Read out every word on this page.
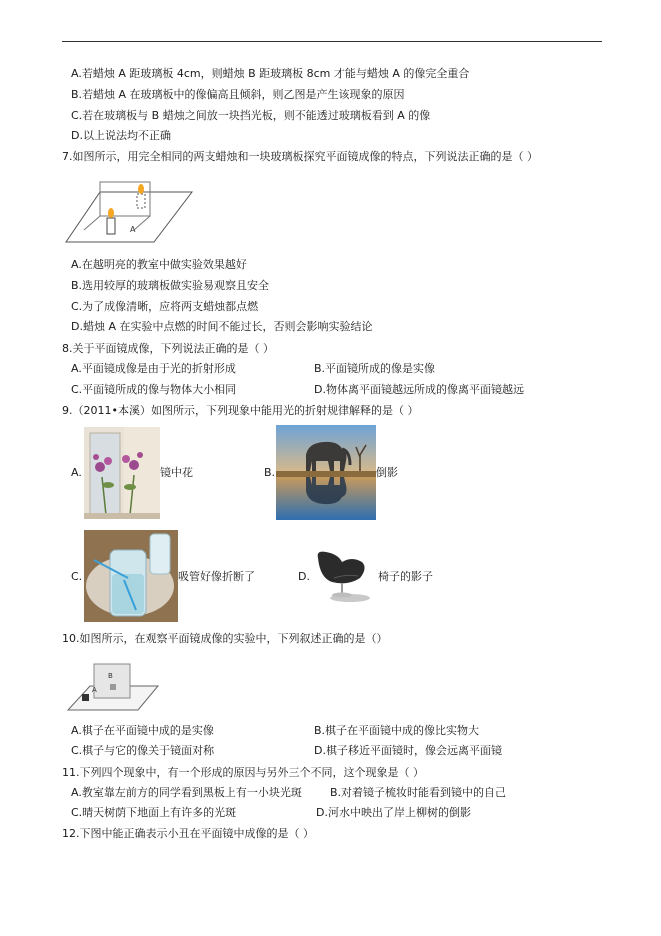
A.若蜡烛 A 距玻璃板 4cm，则蜡烛 B 距玻璃板 8cm 才能与蜡烛 A 的像完全重合
B.若蜡烛 A 在玻璃板中的像偏高且倾斜，则乙图是产生该现象的原因
C.若在玻璃板与 B 蜡烛之间放一块挡光板，则不能透过玻璃板看到 A 的像
D.以上说法均不正确
7.如图所示，用完全相同的两支蜡烛和一块玻璃板探究平面镜成像的特点，下列说法正确的是（ ）
A
A.在越明亮的教室中做实验效果越好
B.选用较厚的玻璃板做实验易观察且安全
C.为了成像清晰，应将两支蜡烛都点燃
D.蜡烛 A 在实验中点燃的时间不能过长，否则会影响实验结论
8.关于平面镜成像，下列说法正确的是（ ）
A.平面镜成像是由于光的折射形成	B.平面镜所成的像是实像
C.平面镜所成的像与物体大小相同	D.物体离平面镜越远所成的像离平面镜越远
9.（2011•本溪）如图所示，下列现象中能用光的折射规律解释的是（ ）
A.	镜中花	B.	倒影
C.	吸管好像折断了	D.	椅子的影子
10.如图所示，在观察平面镜成像的实验中，下列叙述正确的是（）
B
A
A.棋子在平面镜中成的是实像	B.棋子在平面镜中成的像比实物大
C.棋子与它的像关于镜面对称	D.棋子移近平面镜时，像会远离平面镜
11.下列四个现象中，有一个形成的原因与另外三个不同，这个现象是（ ）
A.教室靠左前方的同学看到黑板上有一小块光斑	B.对着镜子梳妆时能看到镜中的自己
C.晴天树荫下地面上有许多的光斑	D.河水中映出了岸上柳树的倒影
12.下图中能正确表示小丑在平面镜中成像的是（ ）
